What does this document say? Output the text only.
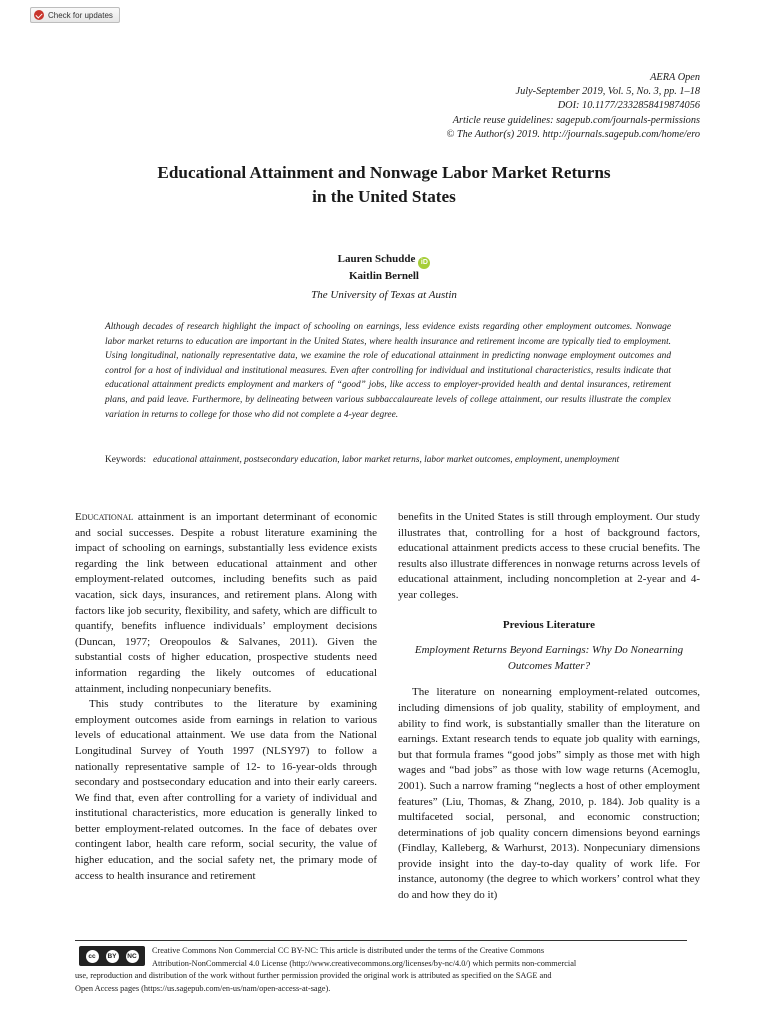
Check for updates
AERA Open
July-September 2019, Vol. 5, No. 3, pp. 1–18
DOI: 10.1177/2332858419874056
Article reuse guidelines: sagepub.com/journals-permissions
© The Author(s) 2019. http://journals.sagepub.com/home/ero
Educational Attainment and Nonwage Labor Market Returns
in the United States
Lauren Schudde iD
Kaitlin Bernell
The University of Texas at Austin

Although decades of research highlight the impact of schooling on earnings, less evidence exists regarding other employment outcomes. Nonwage labor market returns to education are important in the United States, where health insurance and retirement income are typically tied to employment. Using longitudinal, nationally representative data, we examine the role of educational attainment in predicting nonwage employment outcomes and control for a host of individual and institutional measures. Even after controlling for individual and institutional characteristics, results indicate that educational attainment predicts employment and markers of “good” jobs, like access to employer-provided health and dental insurances, retirement plans, and paid leave. Furthermore, by delineating between various subbaccalaureate levels of college attainment, our results illustrate the complex variation in returns to college for those who did not complete a 4-year degree.

Keywords: educational attainment, postsecondary education, labor market returns, labor market outcomes, employment, unemployment

Educational attainment is an important determinant of economic and social successes. Despite a robust literature examining the impact of schooling on earnings, substantially less evidence exists regarding the link between educational attainment and other employment-related outcomes, including benefits such as paid vacation, sick days, insurances, and retirement plans. Along with factors like job security, flexibility, and safety, which are difficult to quantify, benefits influence individuals’ employment decisions (Duncan, 1977; Oreopoulos & Salvanes, 2011). Given the substantial costs of higher education, prospective students need information regarding the likely outcomes of educational attainment, including nonpecuniary benefits.

This study contributes to the literature by examining employment outcomes aside from earnings in relation to various levels of educational attainment. We use data from the National Longitudinal Survey of Youth 1997 (NLSY97) to follow a nationally representative sample of 12- to 16-year-olds through secondary and postsecondary education and into their early careers. We find that, even after controlling for a variety of individual and institutional characteristics, more education is generally linked to better employment-related outcomes. In the face of debates over contingent labor, health care reform, social security, the value of higher education, and the social safety net, the primary mode of access to health insurance and retirement

benefits in the United States is still through employment. Our study illustrates that, controlling for a host of background factors, educational attainment predicts access to these crucial benefits. The results also illustrate differences in nonwage returns across levels of educational attainment, including noncompletion at 2-year and 4-year colleges.

Previous Literature
Employment Returns Beyond Earnings: Why Do Nonearning Outcomes Matter?

The literature on nonearning employment-related outcomes, including dimensions of job quality, stability of employment, and ability to find work, is substantially smaller than the literature on earnings. Extant research tends to equate job quality with earnings, but that formula frames “good jobs” simply as those met with high wages and “bad jobs” as those with low wage returns (Acemoglu, 2001). Such a narrow framing “neglects a host of other employment features” (Liu, Thomas, & Zhang, 2010, p. 184). Job quality is a multifaceted social, personal, and economic construction; determinations of job quality concern dimensions beyond earnings (Findlay, Kalleberg, & Warhurst, 2013). Nonpecuniary dimensions provide insight into the day-to-day quality of work life. For instance, autonomy (the degree to which workers’ control what they do and how they do it)

cc	BY	NC
Creative Commons Non Commercial CC BY-NC: This article is distributed under the terms of the Creative Commons
Attribution-NonCommercial 4.0 License (http://www.creativecommons.org/licenses/by-nc/4.0/) which permits non-commercial
use, reproduction and distribution of the work without further permission provided the original work is attributed as specified on the SAGE and
Open Access pages (https://us.sagepub.com/en-us/nam/open-access-at-sage).
